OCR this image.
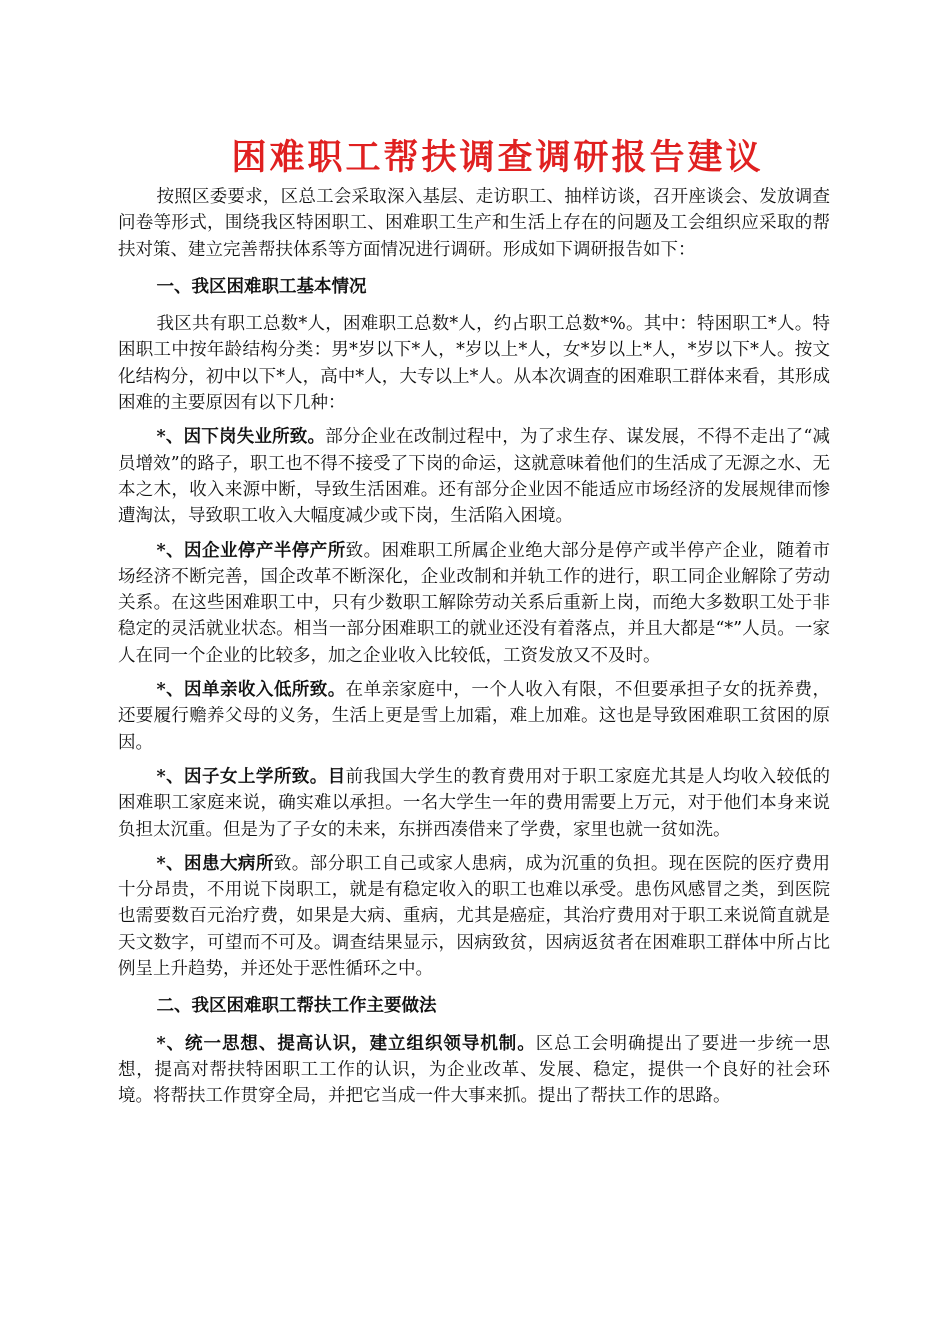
困难职工帮扶调查调研报告建议

按照区委要求，区总工会采取深入基层、走访职工、抽样访谈，召开座谈会、发放调查问卷等形式，围绕我区特困职工、困难职工生产和生活上存在的问题及工会组织应采取的帮扶对策、建立完善帮扶体系等方面情况进行调研。形成如下调研报告如下：

一、我区困难职工基本情况

我区共有职工总数*人，困难职工总数*人，约占职工总数*%。其中：特困职工*人。特困职工中按年龄结构分类：男*岁以下*人，*岁以上*人，女*岁以上*人，*岁以下*人。按文化结构分，初中以下*人，高中*人，大专以上*人。从本次调查的困难职工群体来看，其形成困难的主要原因有以下几种：

*、因下岗失业所致。部分企业在改制过程中，为了求生存、谋发展，不得不走出了“减员增效”的路子，职工也不得不接受了下岗的命运，这就意味着他们的生活成了无源之水、无本之木，收入来源中断，导致生活困难。还有部分企业因不能适应市场经济的发展规律而惨遭淘汰，导致职工收入大幅度减少或下岗，生活陷入困境。

*、因企业停产半停产所致。困难职工所属企业绝大部分是停产或半停产企业，随着市场经济不断完善，国企改革不断深化，企业改制和并轨工作的进行，职工同企业解除了劳动关系。在这些困难职工中，只有少数职工解除劳动关系后重新上岗，而绝大多数职工处于非稳定的灵活就业状态。相当一部分困难职工的就业还没有着落点，并且大都是“*”人员。一家人在同一个企业的比较多，加之企业收入比较低，工资发放又不及时。

*、因单亲收入低所致。在单亲家庭中，一个人收入有限，不但要承担子女的抚养费，还要履行赡养父母的义务，生活上更是雪上加霜，难上加难。这也是导致困难职工贫困的原因。

*、因子女上学所致。目前我国大学生的教育费用对于职工家庭尤其是人均收入较低的困难职工家庭来说，确实难以承担。一名大学生一年的费用需要上万元，对于他们本身来说负担太沉重。但是为了子女的未来，东拼西凑借来了学费，家里也就一贫如洗。

*、困患大病所致。部分职工自己或家人患病，成为沉重的负担。现在医院的医疗费用十分昂贵，不用说下岗职工，就是有稳定收入的职工也难以承受。患伤风感冒之类，到医院也需要数百元治疗费，如果是大病、重病，尤其是癌症，其治疗费用对于职工来说简直就是天文数字，可望而不可及。调查结果显示，因病致贫，因病返贫者在困难职工群体中所占比例呈上升趋势，并还处于恶性循环之中。

二、我区困难职工帮扶工作主要做法

*、统一思想、提高认识，建立组织领导机制。区总工会明确提出了要进一步统一思想，提高对帮扶特困职工工作的认识，为企业改革、发展、稳定，提供一个良好的社会环境。将帮扶工作贯穿全局，并把它当成一件大事来抓。提出了帮扶工作的思路。
